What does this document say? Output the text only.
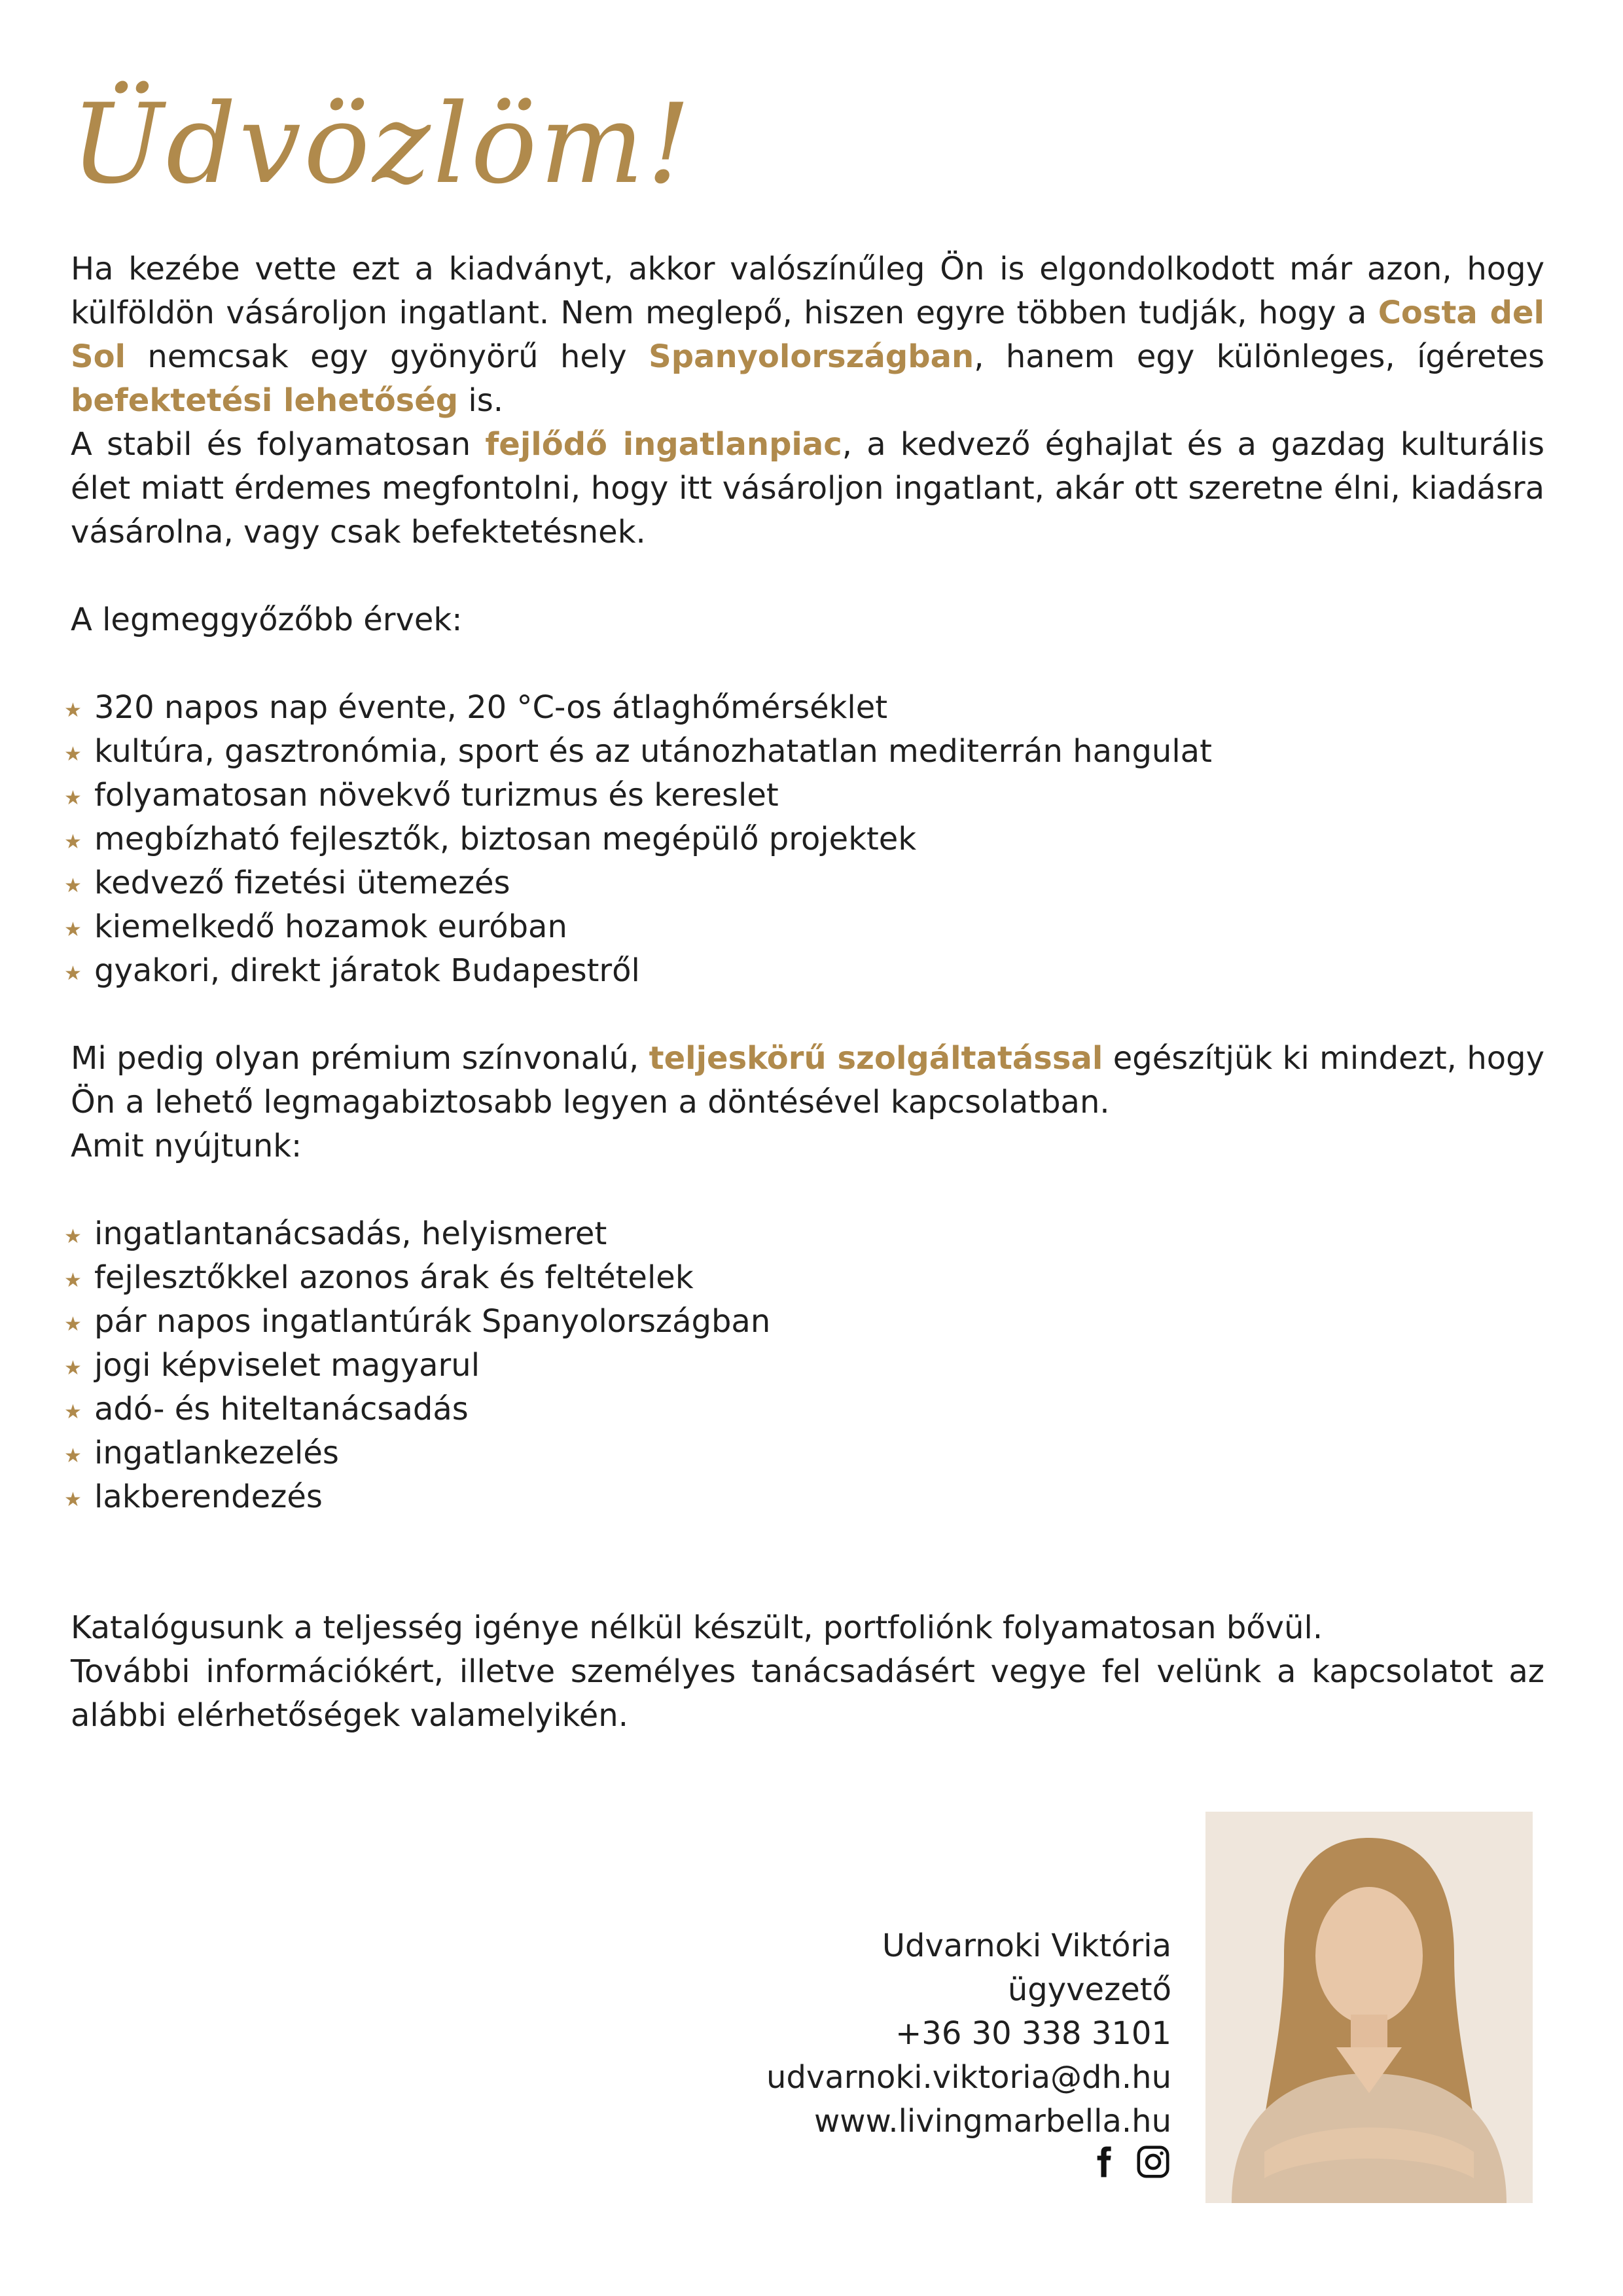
Üdvözlöm!

Ha kezébe vette ezt a kiadványt, akkor valószínűleg Ön is elgondolkodott már azon, hogy külföldön vásároljon ingatlant. Nem meglepő, hiszen egyre többen tudják, hogy a Costa del Sol nemcsak egy gyönyörű hely Spanyolországban, hanem egy különleges, ígéretes befektetési lehetőség is.

A stabil és folyamatosan fejlődő ingatlanpiac, a kedvező éghajlat és a gazdag kulturális élet miatt érdemes megfontolni, hogy itt vásároljon ingatlant, akár ott szeretne élni, kiadásra vásárolna, vagy csak befektetésnek.

A legmeggyőzőbb érvek:

★ 320 napos nap évente, 20 °C-os átlaghőmérséklet
★ kultúra, gasztronómia, sport és az utánozhatatlan mediterrán hangulat
★ folyamatosan növekvő turizmus és kereslet
★ megbízható fejlesztők, biztosan megépülő projektek
★ kedvező fizetési ütemezés
★ kiemelkedő hozamok euróban
★ gyakori, direkt járatok Budapestről

Mi pedig olyan prémium színvonalú, teljeskörű szolgáltatással egészítjük ki mindezt, hogy Ön a lehető legmagabiztosabb legyen a döntésével kapcsolatban.

Amit nyújtunk:

★ ingatlantanácsadás, helyismeret
★ fejlesztőkkel azonos árak és feltételek
★ pár napos ingatlantúrák Spanyolországban
★ jogi képviselet magyarul
★ adó- és hiteltanácsadás
★ ingatlankezelés
★ lakberendezés

Katalógusunk a teljesség igénye nélkül készült, portfoliónk folyamatosan bővül.

További információkért, illetve személyes tanácsadásért vegye fel velünk a kapcsolatot az alábbi elérhetőségek valamelyikén.

Udvarnoki Viktória
ügyvezető
+36 30 338 3101
udvarnoki.viktoria@dh.hu
www.livingmarbella.hu
